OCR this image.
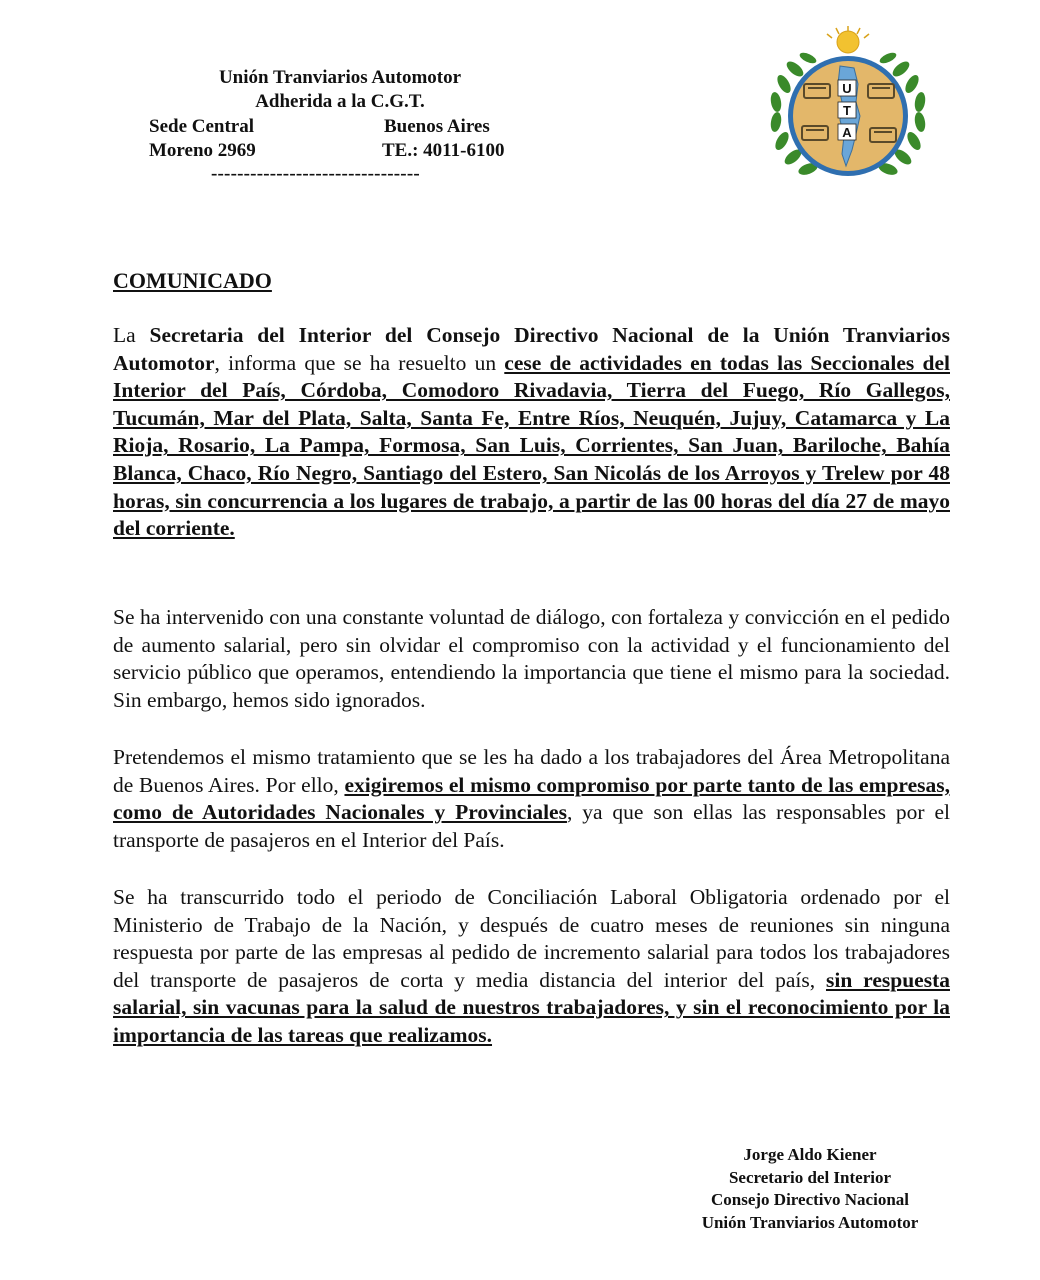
Unión Tranviarios Automotor
Adherida a la C.G.T.
Sede Central
Moreno 2969
Buenos Aires
TE.: 4011-6100
--------------------------------
U
T
A
COMUNICADO
La Secretaria del Interior del Consejo Directivo Nacional de la Unión Tranviarios Automotor, informa que se ha resuelto un cese de actividades en todas las Seccionales del Interior del País, Córdoba, Comodoro Rivadavia, Tierra del Fuego, Río Gallegos, Tucumán, Mar del Plata, Salta, Santa Fe, Entre Ríos, Neuquén, Jujuy, Catamarca y La Rioja, Rosario, La Pampa, Formosa, San Luis, Corrientes, San Juan, Bariloche, Bahía Blanca, Chaco, Río Negro, Santiago del Estero, San Nicolás de los Arroyos y Trelew por 48 horas, sin concurrencia a los lugares de trabajo, a partir de las 00 horas del día 27 de mayo del corriente.
Se ha intervenido con una constante voluntad de diálogo, con fortaleza y convicción en el pedido de aumento salarial, pero sin olvidar el compromiso con la actividad y el funcionamiento del servicio público que operamos, entendiendo la importancia que tiene el mismo para la sociedad. Sin embargo, hemos sido ignorados.
Pretendemos el mismo tratamiento que se les ha dado a los trabajadores del Área Metropolitana de Buenos Aires. Por ello, exigiremos el mismo compromiso por parte tanto de las empresas, como de Autoridades Nacionales y Provinciales, ya que son ellas las responsables por el transporte de pasajeros en el Interior del País.
Se ha transcurrido todo el periodo de Conciliación Laboral Obligatoria ordenado por el Ministerio de Trabajo de la Nación, y después de cuatro meses de reuniones sin ninguna respuesta por parte de las empresas al pedido de incremento salarial para todos los trabajadores del transporte de pasajeros de corta y media distancia del interior del país, sin respuesta salarial, sin vacunas para la salud de nuestros trabajadores, y sin el reconocimiento por la importancia de las tareas que realizamos.
Jorge Aldo Kiener
Secretario del Interior
Consejo Directivo Nacional
Unión Tranviarios Automotor
